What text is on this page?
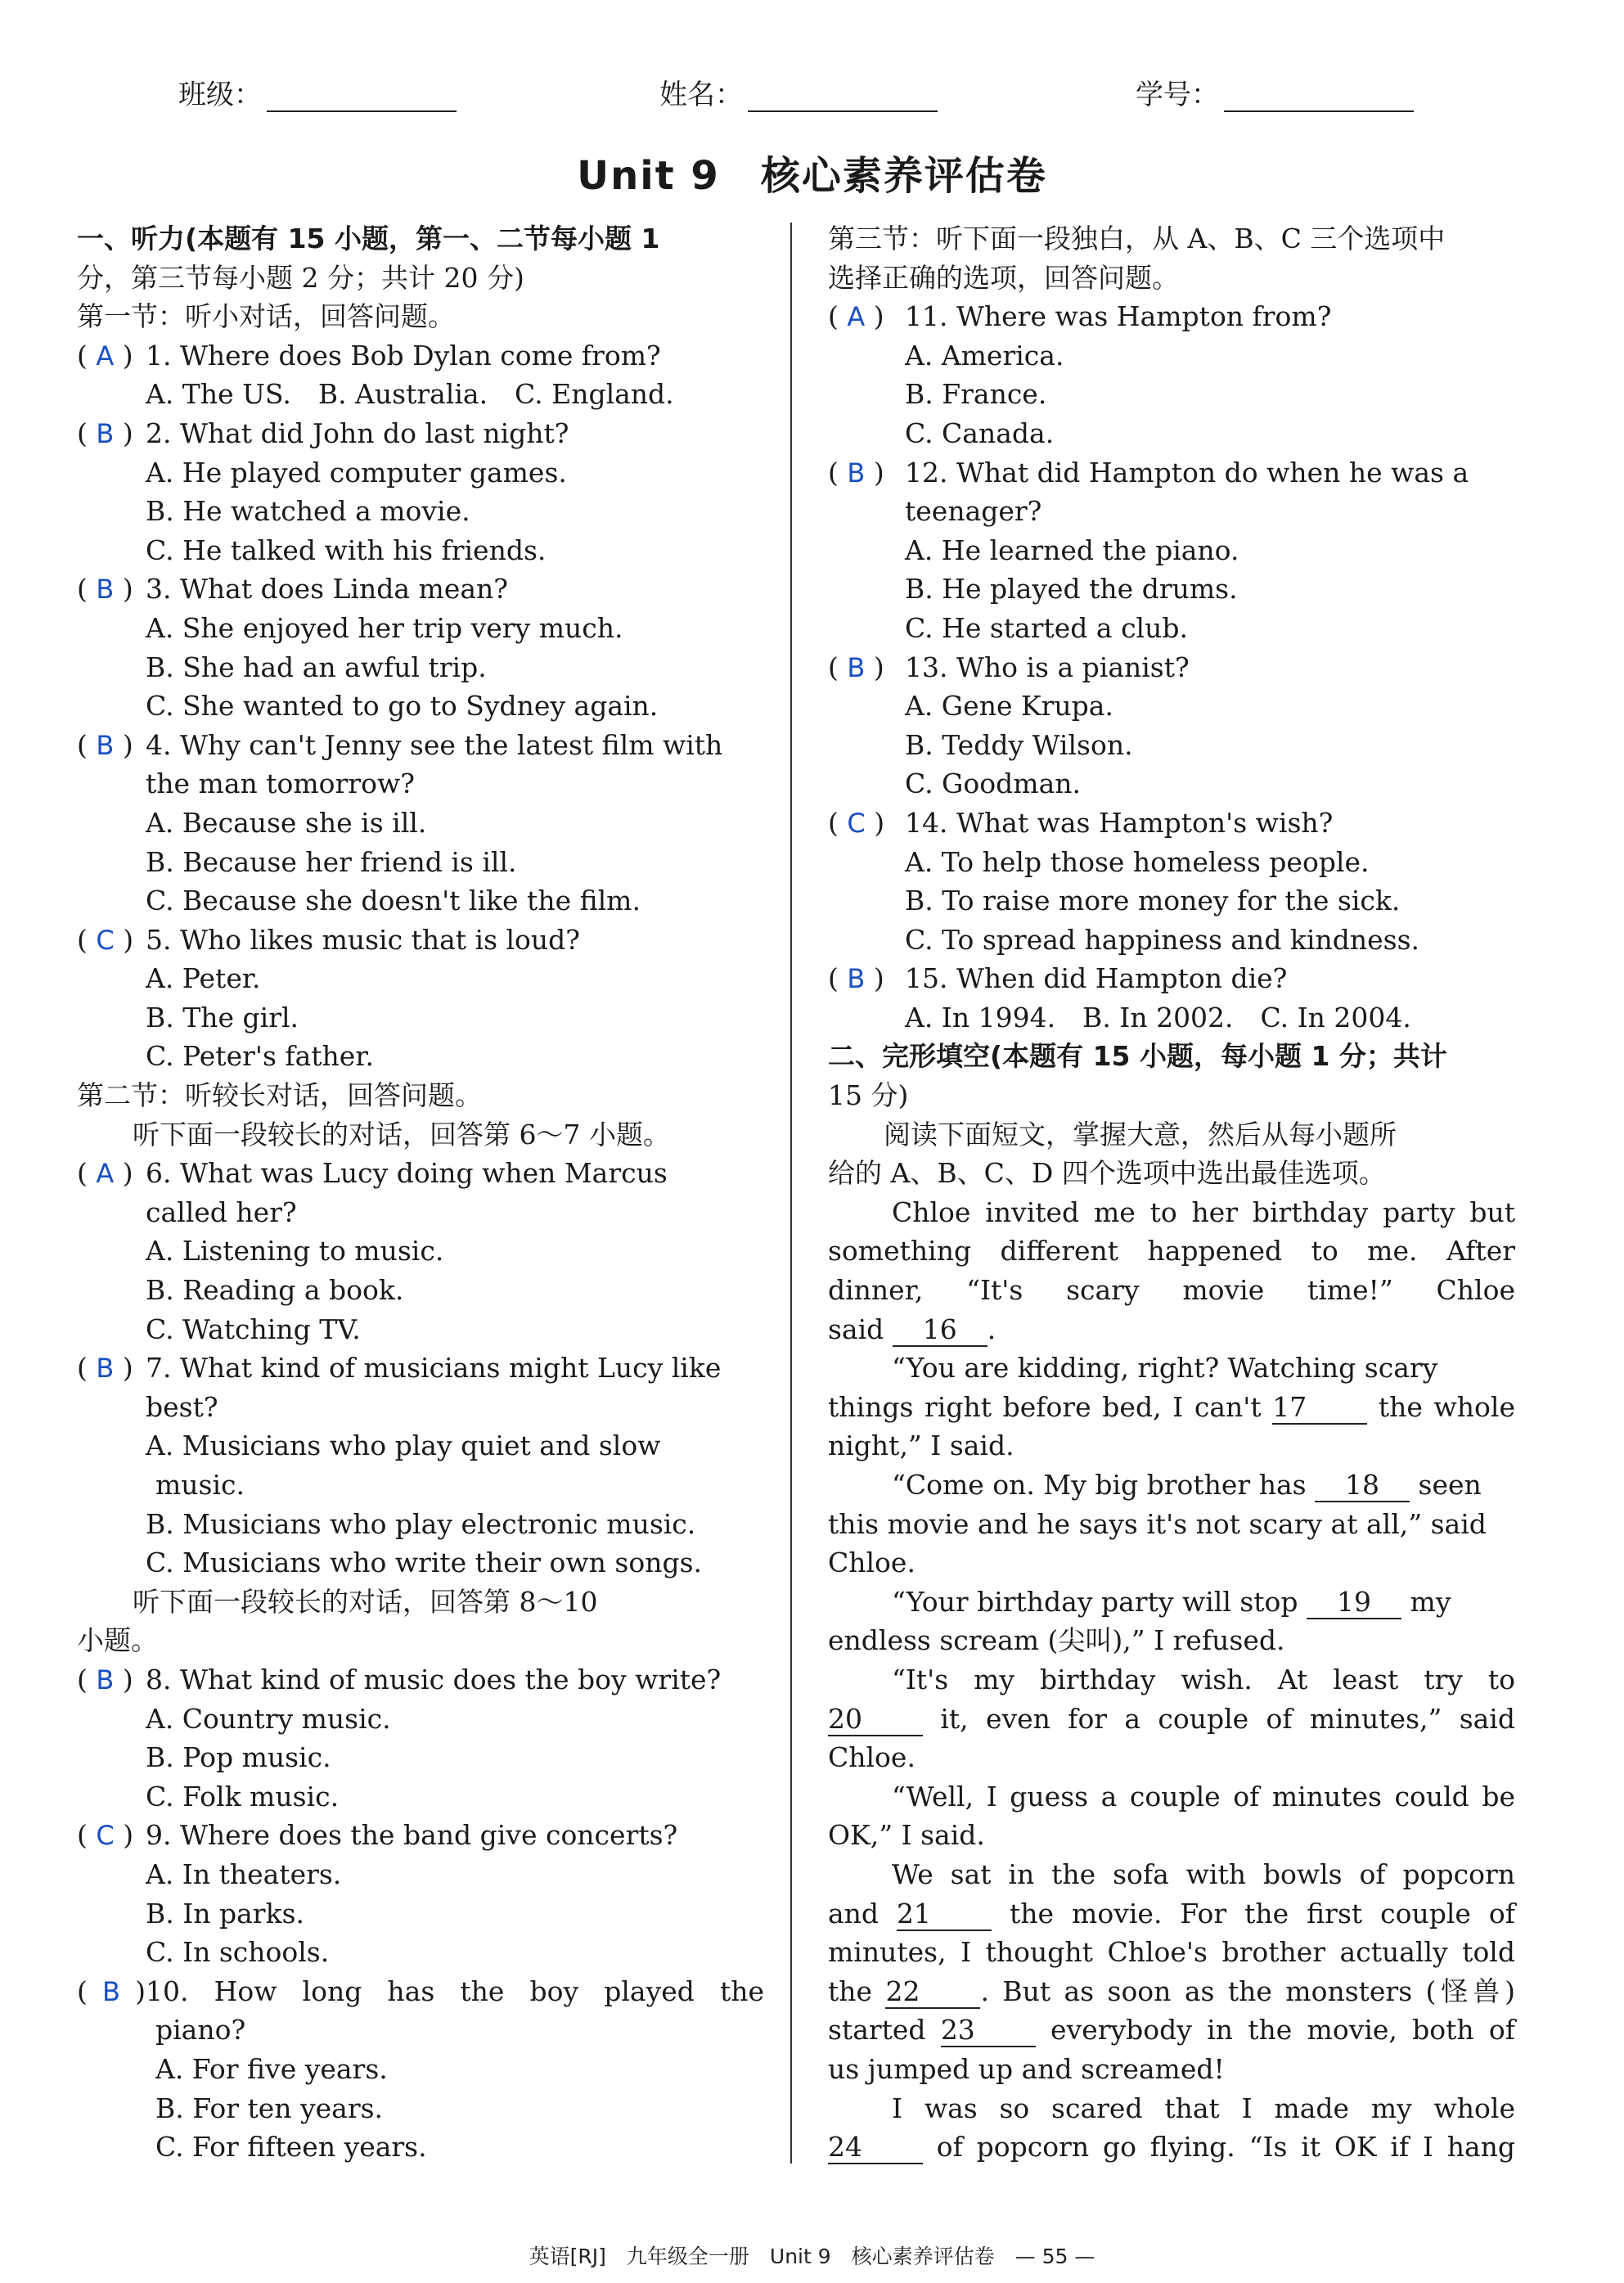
班级：	姓名：	学号：
Unit 9　核心素养评估卷
一、听力(本题有 15 小题，第一、二节每小题 1
分，第三节每小题 2 分；共计 20 分)
第一节：听小对话，回答问题。
( A ) 1. Where does Bob Dylan come from?
A. The US.　B. Australia.　C. England.
( B ) 2. What did John do last night?
A. He played computer games.
B. He watched a movie.
C. He talked with his friends.
( B ) 3. What does Linda mean?
A. She enjoyed her trip very much.
B. She had an awful trip.
C. She wanted to go to Sydney again.
( B ) 4. Why can't Jenny see the latest film with
the man tomorrow?
A. Because she is ill.
B. Because her friend is ill.
C. Because she doesn't like the film.
( C ) 5. Who likes music that is loud?
A. Peter.
B. The girl.
C. Peter's father.
第二节：听较长对话，回答问题。
听下面一段较长的对话，回答第 6～7 小题。
( A ) 6. What was Lucy doing when Marcus
called her?
A. Listening to music.
B. Reading a book.
C. Watching TV.
( B ) 7. What kind of musicians might Lucy like
best?
A. Musicians who play quiet and slow
music.
B. Musicians who play electronic music.
C. Musicians who write their own songs.
听下面一段较长的对话，回答第 8～10
小题。
( B ) 8. What kind of music does the boy write?
A. Country music.
B. Pop music.
C. Folk music.
( C ) 9. Where does the band give concerts?
A. In theaters.
B. In parks.
C. In schools.
( B )10. How long has the boy played the
piano?
A. For five years.
B. For ten years.
C. For fifteen years.
第三节：听下面一段独白，从 A、B、C 三个选项中
选择正确的选项，回答问题。
( A ) 11. Where was Hampton from?
A. America.
B. France.
C. Canada.
( B ) 12. What did Hampton do when he was a
teenager?
A. He learned the piano.
B. He played the drums.
C. He started a club.
( B ) 13. Who is a pianist?
A. Gene Krupa.
B. Teddy Wilson.
C. Goodman.
( C ) 14. What was Hampton's wish?
A. To help those homeless people.
B. To raise more money for the sick.
C. To spread happiness and kindness.
( B ) 15. When did Hampton die?
A. In 1994.　B. In 2002.　C. In 2004.
二、完形填空(本题有 15 小题，每小题 1 分；共计
15 分)
阅读下面短文，掌握大意，然后从每小题所
给的 A、B、C、D 四个选项中选出最佳选项。
Chloe invited me to her birthday party but
something different happened to me. After
dinner, “It's scary movie time!” Chloe
said 16 .
“You are kidding, right? Watching scary
things right before bed, I can't 17 the whole
night,” I said.
“Come on. My big brother has 18 seen
this movie and he says it's not scary at all,” said
Chloe.
“Your birthday party will stop 19 my
endless scream (尖叫),” I refused.
“It's my birthday wish. At least try to
20 it, even for a couple of minutes,” said
Chloe.
“Well, I guess a couple of minutes could be
OK,” I said.
We sat in the sofa with bowls of popcorn
and 21 the movie. For the first couple of
minutes, I thought Chloe's brother actually told
the 22 . But as soon as the monsters (怪兽)
started 23 everybody in the movie, both of
us jumped up and screamed!
I was so scared that I made my whole
24 of popcorn go flying. “Is it OK if I hang
英语[RJ]　九年级全一册　Unit 9　核心素养评估卷　— 55 —
